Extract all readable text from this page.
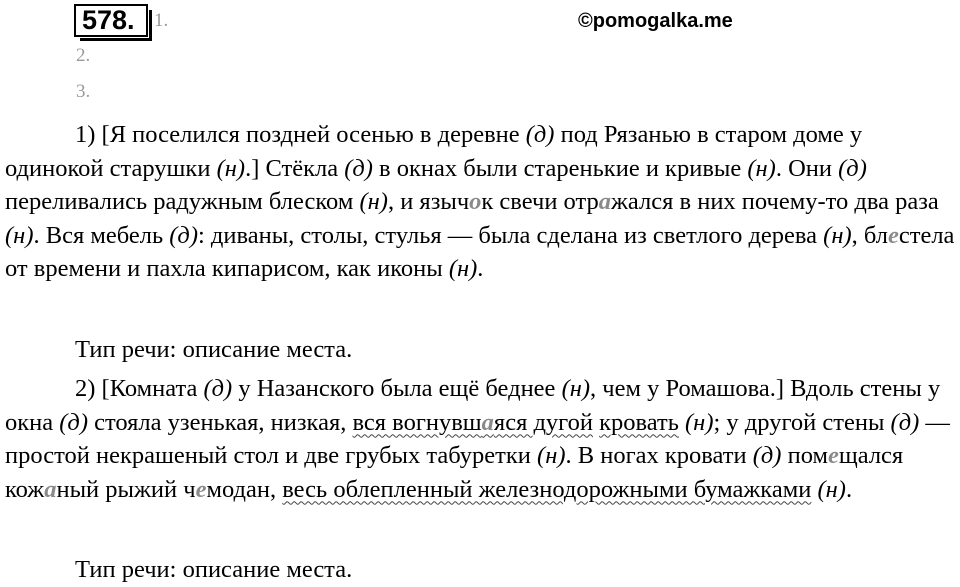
578.	1.
2.
3.
©pomogalka.me
1) [Я поселился поздней осенью в деревне (д) под Рязанью в старом доме у одинокой старушки (н).] Стёкла (д) в окнах были старенькие и кривые (н). Они (д) переливались радужным блеском (н), и язычок свечи отражался в них почему-то два раза (н). Вся мебель (д): диваны, столы, стулья — была сделана из светлого дерева (н), блестела от времени и пахла кипарисом, как иконы (н).
Тип речи: описание места.
2) [Комната (д) у Назанского была ещё беднее (н), чем у Ромашова.] Вдоль стены у окна (д) стояла узенькая, низкая, вся вогнувшаяся дугой кровать (н); у другой стены (д) — простой некрашеный стол и две грубых табуретки (н). В ногах кровати (д) помещался кожаный рыжий чемодан, весь облепленный железнодорожными бумажками (н).
Тип речи: описание места.
